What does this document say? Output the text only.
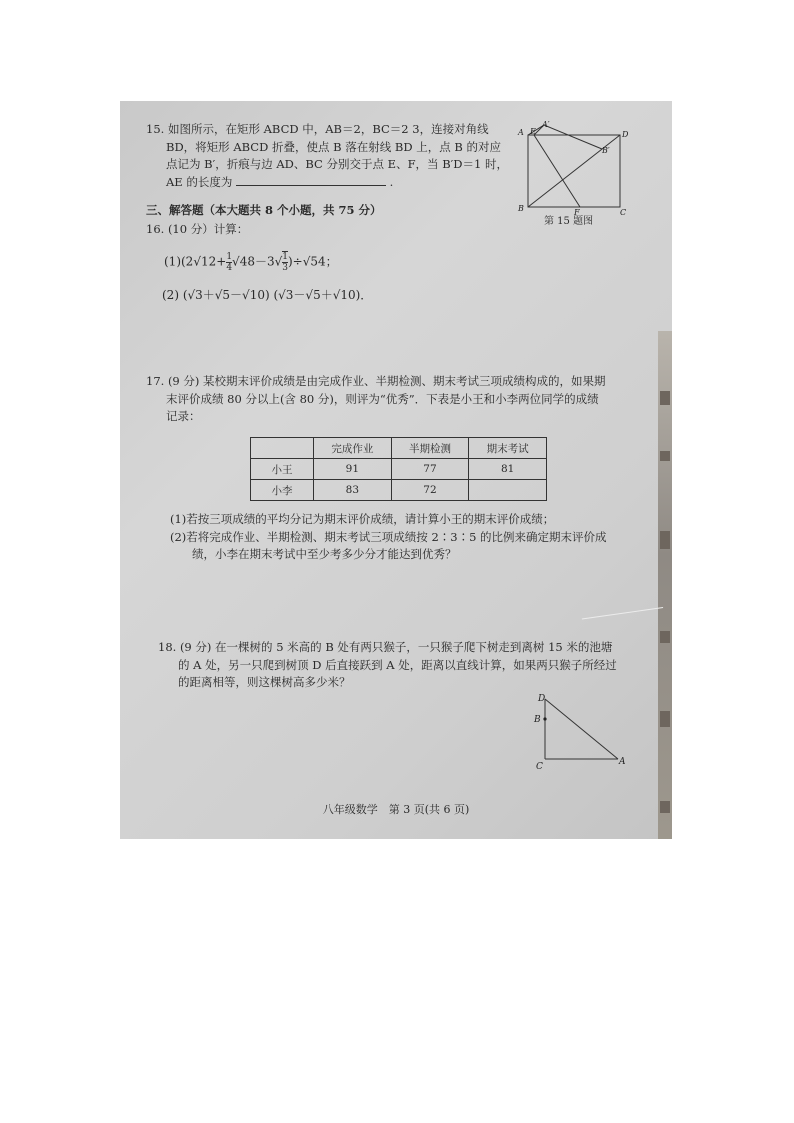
15. 如图所示，在矩形 ABCD 中，AB＝2，BC＝2 3，连接对角线
BD，将矩形 ABCD 折叠，使点 B 落在射线 BD 上，点 B 的对应
点记为 B′，折痕与边 AD、BC 分别交于点 E、F，当 B′D＝1 时，
AE 的长度为	.
A
A′
E	D
B′
B	F	C
第 15 题图
三、解答题（本大题共 8 个小题，共 75 分）
16. (10 分）计算：
$(1)(2√12+ \frac{1}{4} √48-3√ \frac{1}{3} )\div√54$；
(2) (√3＋√5－√10) (√3－√5＋√10)．
17. (9 分) 某校期末评价成绩是由完成作业、半期检测、期末考试三项成绩构成的，如果期
末评价成绩 80 分以上(含 80 分)，则评为“优秀”．下表是小王和小李两位同学的成绩
记录：
	完成作业	半期检测	期末考试
小王	91	77	81
小李	83	72	
(1)若按三项成绩的平均分记为期末评价成绩，请计算小王的期末评价成绩；
(2)若将完成作业、半期检测、期末考试三项成绩按 2∶3∶5 的比例来确定期末评价成
绩，小李在期末考试中至少考多少分才能达到优秀？
18. (9 分) 在一棵树的 5 米高的 B 处有两只猴子，一只猴子爬下树走到离树 15 米的池塘
的 A 处，另一只爬到树顶 D 后直接跃到 A 处，距离以直线计算，如果两只猴子所经过
的距离相等，则这棵树高多少米？
D
B
C	A
八年级数学　第 3 页(共 6 页)
